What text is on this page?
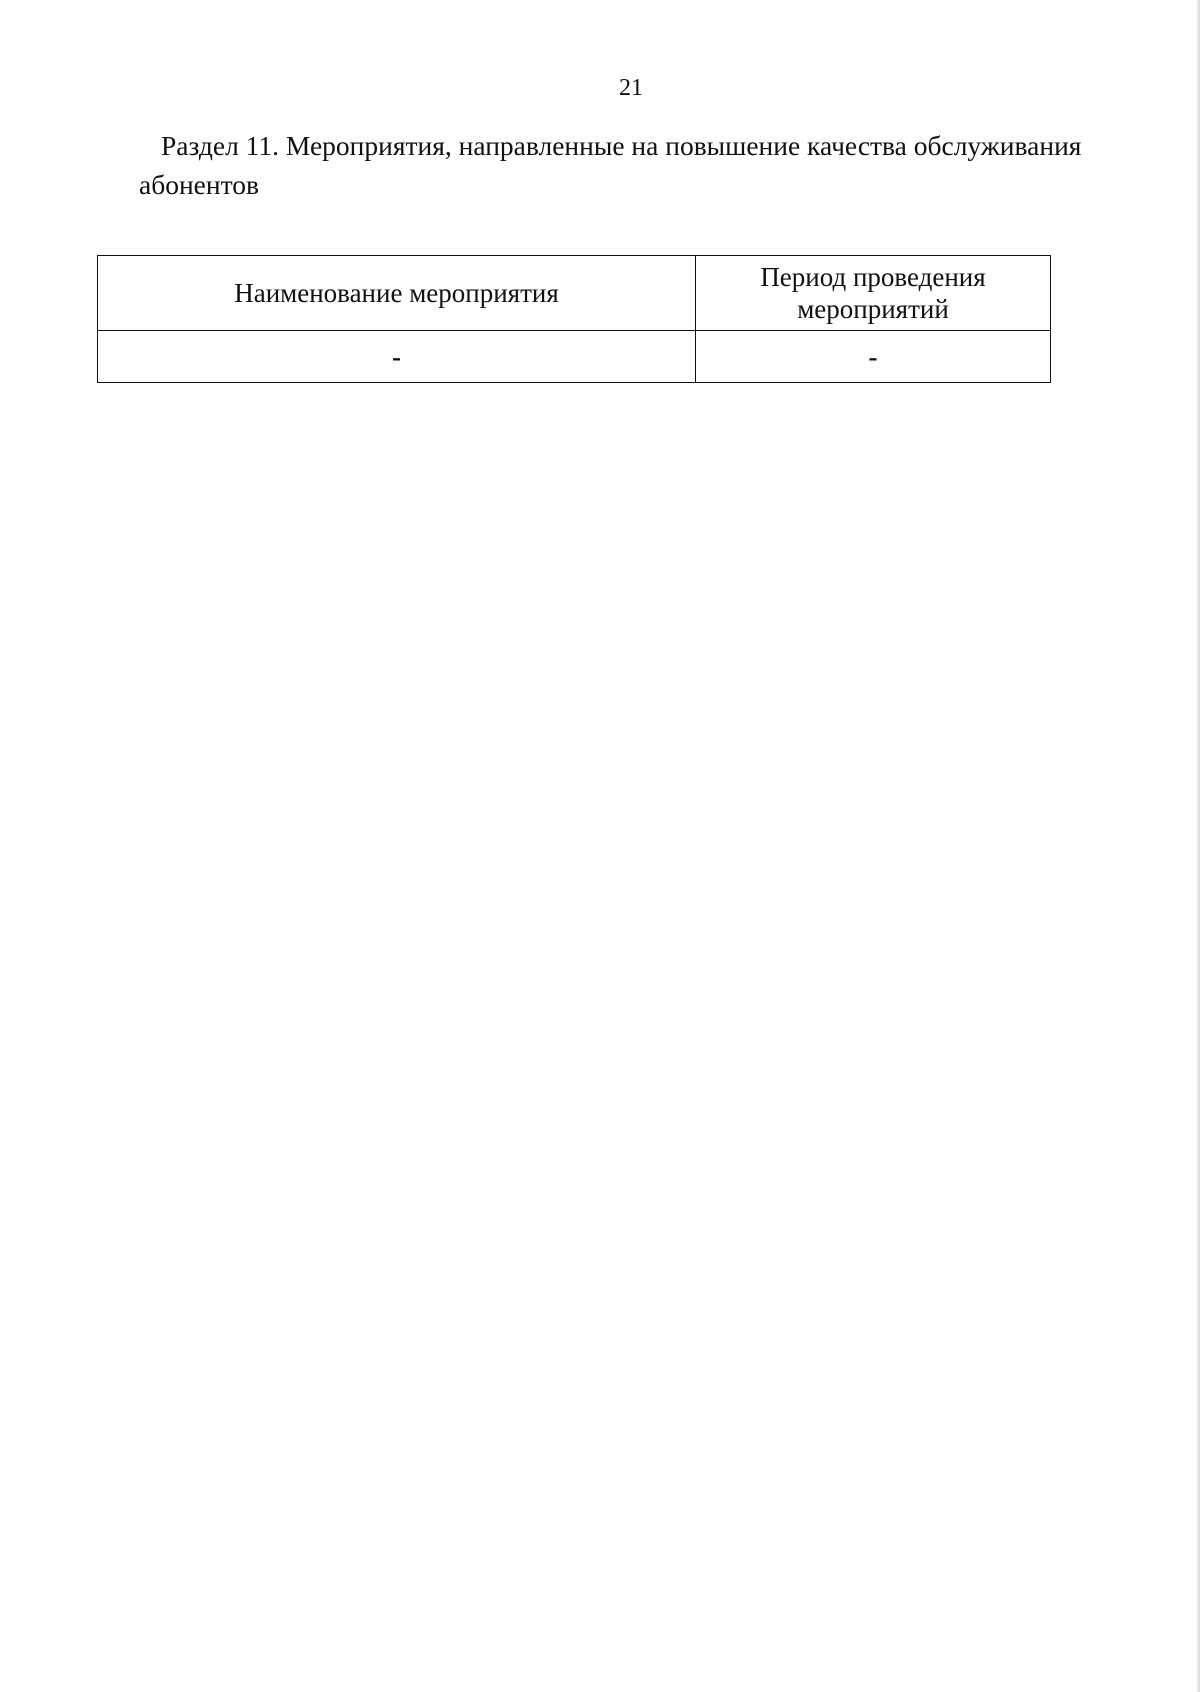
21
Раздел 11. Мероприятия, направленные на повышение качества обслуживания абонентов
Наименование мероприятия	Период проведения мероприятий
-	-
